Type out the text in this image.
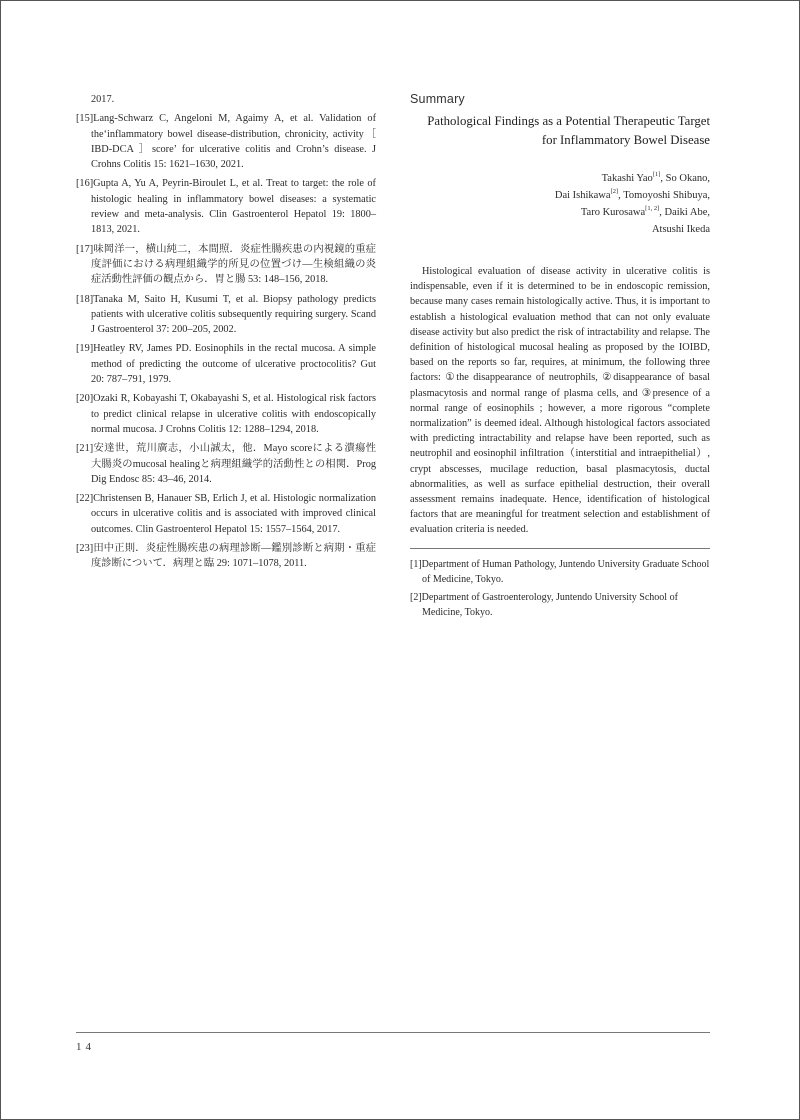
2017.
[15]Lang-Schwarz C, Angeloni M, Agaimy A, et al. Validation of the‘inflammatory bowel disease-distribution, chronicity, activity［ IBD-DCA ］score’ for ulcerative colitis and Crohn’s disease. J Crohns Colitis 15: 1621–1630, 2021.
[16]Gupta A, Yu A, Peyrin-Biroulet L, et al. Treat to target: the role of histologic healing in inflammatory bowel diseases: a systematic review and meta-analysis. Clin Gastroenterol Hepatol 19: 1800–1813, 2021.
[17]味岡洋一，横山純二，本間照．炎症性腸疾患の内視鏡的重症度評価における病理組織学的所見の位置づけ―生検組織の炎症活動性評価の観点から．胃と腸 53: 148–156, 2018.
[18]Tanaka M, Saito H, Kusumi T, et al. Biopsy pathology predicts patients with ulcerative colitis subsequently requiring surgery. Scand J Gastroenterol 37: 200–205, 2002.
[19]Heatley RV, James PD. Eosinophils in the rectal mucosa. A simple method of predicting the outcome of ulcerative proctocolitis? Gut 20: 787–791, 1979.
[20]Ozaki R, Kobayashi T, Okabayashi S, et al. Histological risk factors to predict clinical relapse in ulcerative colitis with endoscopically normal mucosa. J Crohns Colitis 12: 1288–1294, 2018.
[21]安達世，荒川廣志，小山誠太，他．Mayo scoreによる潰瘍性大腸炎のmucosal healingと病理組織学的活動性との相関．Prog Dig Endosc 85: 43–46, 2014.
[22]Christensen B, Hanauer SB, Erlich J, et al. Histologic normalization occurs in ulcerative colitis and is associated with improved clinical outcomes. Clin Gastroenterol Hepatol 15: 1557–1564, 2017.
[23]田中正則．炎症性腸疾患の病理診断―鑑別診断と病期・重症度診断について．病理と臨 29: 1071–1078, 2011.
Summary

Pathological Findings as a Potential Therapeutic Target
for Inflammatory Bowel Disease

Takashi Yao[1], So Okano,
Dai Ishikawa[2], Tomoyoshi Shibuya,
Taro Kurosawa[1, 2], Daiki Abe,
Atsushi Ikeda
Histological evaluation of disease activity in ulcerative colitis is indispensable, even if it is determined to be in endoscopic remission, because many cases remain histologically active. Thus, it is important to establish a histological evaluation method that can not only evaluate disease activity but also predict the risk of intractability and relapse. The definition of histological mucosal healing as proposed by the IOIBD, based on the reports so far, requires, at minimum, the following three factors: ①the disappearance of neutrophils, ②disappearance of basal plasmacytosis and normal range of plasma cells, and ③presence of a normal range of eosinophils ; however, a more rigorous “complete normalization” is deemed ideal. Although histological factors associated with predicting intractability and relapse have been reported, such as neutrophil and eosinophil infiltration（interstitial and intraepithelial）, crypt abscesses, mucilage reduction, basal plasmacytosis, ductal abnormalities, as well as surface epithelial destruction, their overall assessment remains inadequate. Hence, identification of histological factors that are meaningful for treatment selection and establishment of evaluation criteria is needed.
[1]Department of Human Pathology, Juntendo University Graduate School of Medicine, Tokyo.
[2]Department of Gastroenterology, Juntendo University School of Medicine, Tokyo.
14
